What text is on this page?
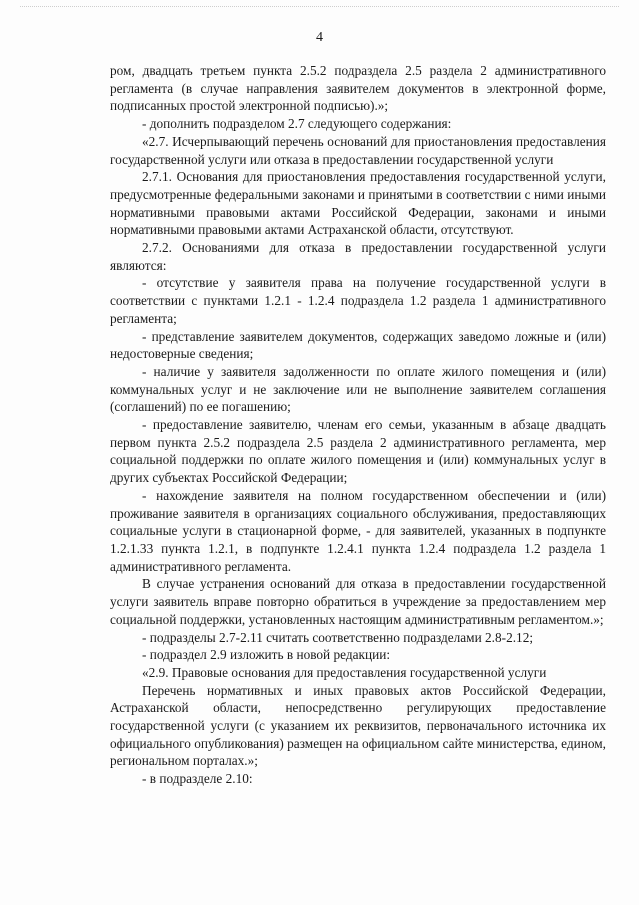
4

ром, двадцать третьем пункта 2.5.2 подраздела 2.5 раздела 2 административного регламента (в случае направления заявителем документов в электронной форме, подписанных простой электронной подписью).»;

- дополнить подразделом 2.7 следующего содержания:

«2.7. Исчерпывающий перечень оснований для приостановления предоставления государственной услуги или отказа в предоставлении государственной услуги

2.7.1. Основания для приостановления предоставления государственной услуги, предусмотренные федеральными законами и принятыми в соответствии с ними иными нормативными правовыми актами Российской Федерации, законами и иными нормативными правовыми актами Астраханской области, отсутствуют.

2.7.2. Основаниями для отказа в предоставлении государственной услуги являются:

- отсутствие у заявителя права на получение государственной услуги в соответствии с пунктами 1.2.1 - 1.2.4 подраздела 1.2 раздела 1 административного регламента;

- представление заявителем документов, содержащих заведомо ложные и (или) недостоверные сведения;

- наличие у заявителя задолженности по оплате жилого помещения и (или) коммунальных услуг и не заключение или не выполнение заявителем соглашения (соглашений) по ее погашению;

- предоставление заявителю, членам его семьи, указанным в абзаце двадцать первом пункта 2.5.2 подраздела 2.5 раздела 2 административного регламента, мер социальной поддержки по оплате жилого помещения и (или) коммунальных услуг в других субъектах Российской Федерации;

- нахождение заявителя на полном государственном обеспечении и (или) проживание заявителя в организациях социального обслуживания, предоставляющих социальные услуги в стационарной форме, - для заявителей, указанных в подпункте 1.2.1.33 пункта 1.2.1, в подпункте 1.2.4.1 пункта 1.2.4 подраздела 1.2 раздела 1 административного регламента.

В случае устранения оснований для отказа в предоставлении государственной услуги заявитель вправе повторно обратиться в учреждение за предоставлением мер социальной поддержки, установленных настоящим административным регламентом.»;

- подразделы 2.7-2.11 считать соответственно подразделами 2.8-2.12;

- подраздел 2.9 изложить в новой редакции:

«2.9. Правовые основания для предоставления государственной услуги

Перечень нормативных и иных правовых актов Российской Федерации, Астраханской области, непосредственно регулирующих предоставление государственной услуги (с указанием их реквизитов, первоначального источника их официального опубликования) размещен на официальном сайте министерства, едином, региональном порталах.»;

- в подразделе 2.10:
